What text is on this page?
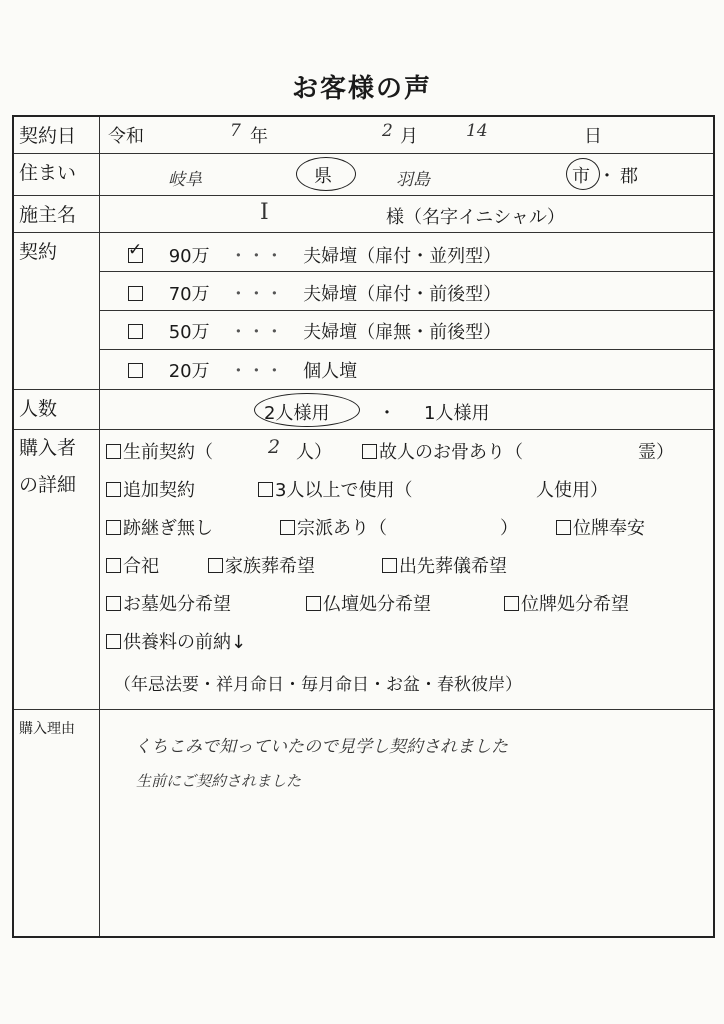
お客様の声
契約日	令和	7 年	2 月	14	日
住まい	岐阜	県	羽島	市 ・ 郡
施主名	I	様（名字イニシャル）
契約	✓ 90万 ・・・ 夫婦壇（扉付・並列型）
70万 ・・・ 夫婦壇（扉付・前後型）
50万 ・・・ 夫婦壇（扉無・前後型）
20万 ・・・ 個人壇
人数	2人様用	・ 1人様用
購入者
の詳細
生前契約（	2 人）	故人のお骨あり（	霊）
追加契約	3人以上で使用（	人使用）
跡継ぎ無し	宗派あり（	）	位牌奉安
合祀	家族葬希望	出先葬儀希望
お墓処分希望	仏壇処分希望	位牌処分希望
供養料の前納↓
（年忌法要・祥月命日・毎月命日・お盆・春秋彼岸）
購入理由
くちこみで知っていたので見学し契約されました
生前にご契約されました
